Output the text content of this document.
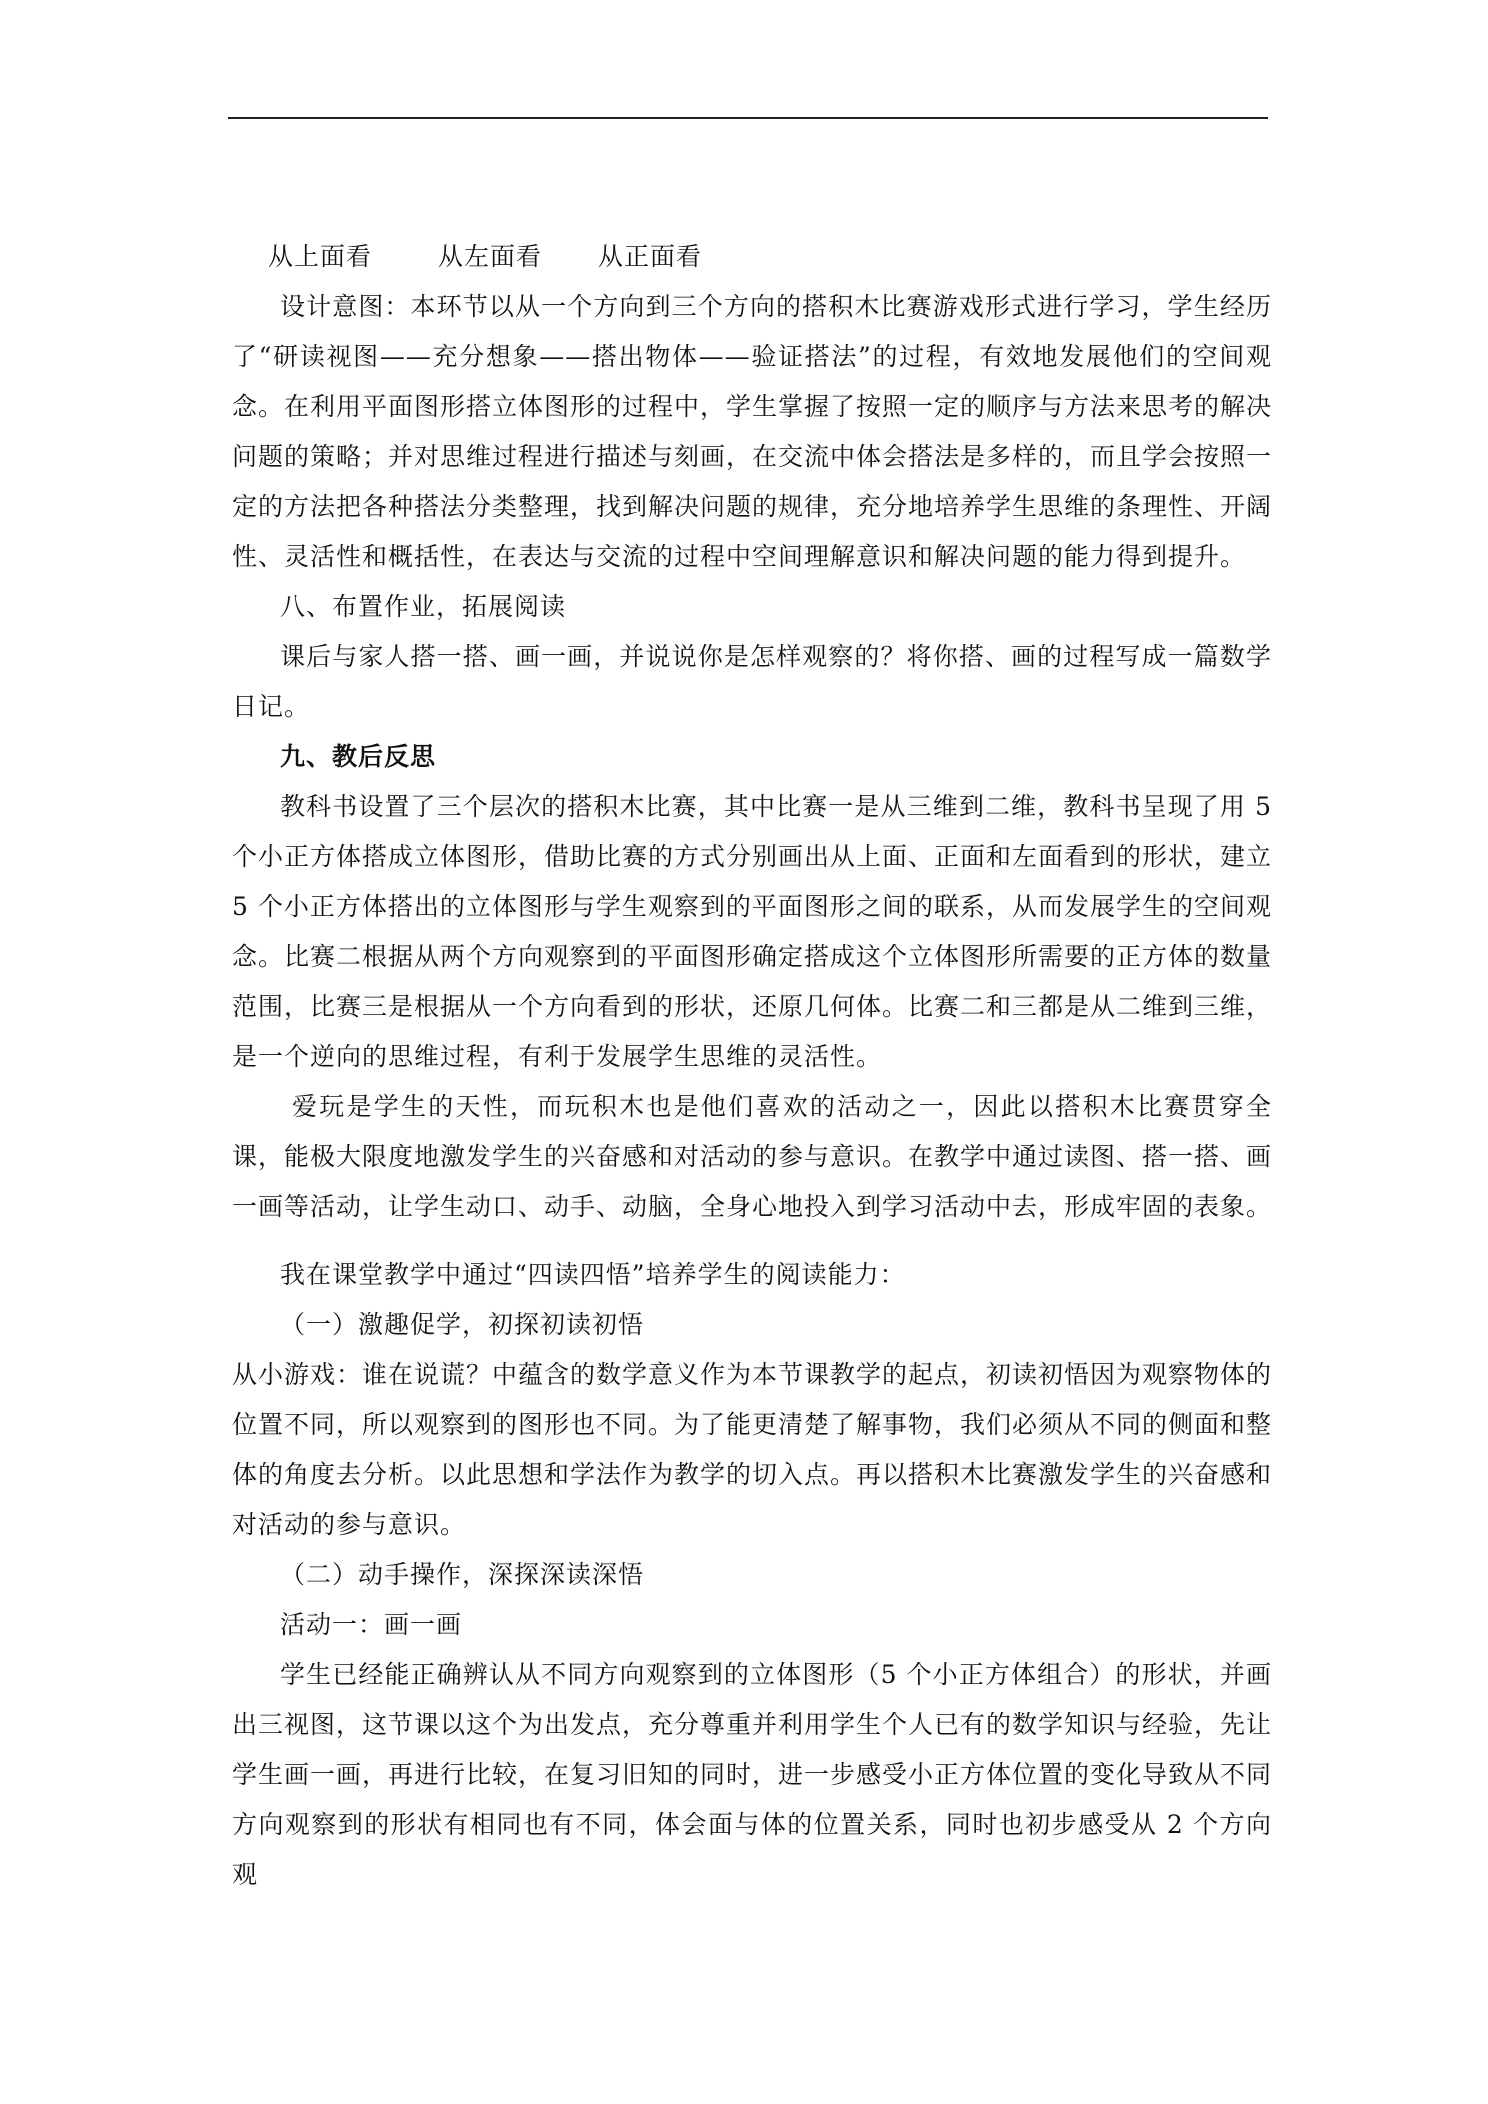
从上面看	从左面看 从正面看

设计意图：本环节以从一个方向到三个方向的搭积木比赛游戏形式进行学习，学生经历了“研读视图——充分想象——搭出物体——验证搭法”的过程，有效地发展他们的空间观念。在利用平面图形搭立体图形的过程中，学生掌握了按照一定的顺序与方法来思考的解决问题的策略；并对思维过程进行描述与刻画，在交流中体会搭法是多样的，而且学会按照一定的方法把各种搭法分类整理，找到解决问题的规律，充分地培养学生思维的条理性、开阔性、灵活性和概括性，在表达与交流的过程中空间理解意识和解决问题的能力得到提升。

八、布置作业，拓展阅读

课后与家人搭一搭、画一画，并说说你是怎样观察的？将你搭、画的过程写成一篇数学日记。

九、教后反思

教科书设置了三个层次的搭积木比赛，其中比赛一是从三维到二维，教科书呈现了用 5 个小正方体搭成立体图形，借助比赛的方式分别画出从上面、正面和左面看到的形状，建立 5 个小正方体搭出的立体图形与学生观察到的平面图形之间的联系，从而发展学生的空间观念。比赛二根据从两个方向观察到的平面图形确定搭成这个立体图形所需要的正方体的数量范围，比赛三是根据从一个方向看到的形状，还原几何体。比赛二和三都是从二维到三维，是一个逆向的思维过程，有利于发展学生思维的灵活性。

爱玩是学生的天性，而玩积木也是他们喜欢的活动之一，因此以搭积木比赛贯穿全课，能极大限度地激发学生的兴奋感和对活动的参与意识。在教学中通过读图、搭一搭、画一画等活动，让学生动口、动手、动脑，全身心地投入到学习活动中去，形成牢固的表象。

我在课堂教学中通过“四读四悟”培养学生的阅读能力：

（一）激趣促学，初探初读初悟

从小游戏：谁在说谎？中蕴含的数学意义作为本节课教学的起点，初读初悟因为观察物体的位置不同，所以观察到的图形也不同。为了能更清楚了解事物，我们必须从不同的侧面和整体的角度去分析。以此思想和学法作为教学的切入点。再以搭积木比赛激发学生的兴奋感和对活动的参与意识。

（二）动手操作，深探深读深悟

活动一：画一画

学生已经能正确辨认从不同方向观察到的立体图形（5 个小正方体组合）的形状，并画出三视图，这节课以这个为出发点，充分尊重并利用学生个人已有的数学知识与经验，先让学生画一画，再进行比较，在复习旧知的同时，进一步感受小正方体位置的变化导致从不同方向观察到的形状有相同也有不同，体会面与体的位置关系，同时也初步感受从 2 个方向观
